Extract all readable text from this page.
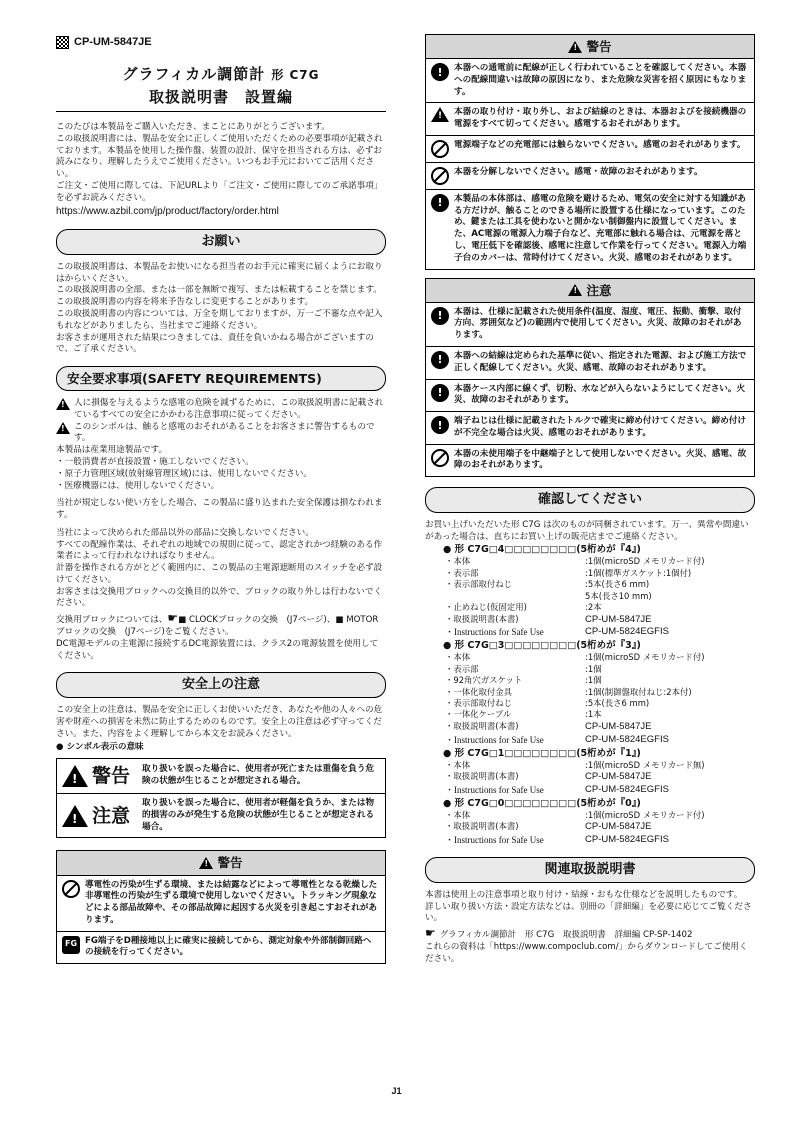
CP-UM-5847JE
グラフィカル調節計 形 C7G
取扱説明書　設置編

このたびは本製品をご購入いただき、まことにありがとうございます。

この取扱説明書には、製品を安全に正しくご使用いただくための必要事項が記載されております。本製品を使用した操作盤、装置の設計、保守を担当される方は、必ずお読みになり、理解したうえでご使用ください。いつもお手元においてご活用ください。

ご注文・ご使用に際しては、下記URLより「ご注文・ご使用に際してのご承諾事項」を必ずお読みください。

https://www.azbil.com/jp/product/factory/order.html

お願い

この取扱説明書は、本製品をお使いになる担当者のお手元に確実に届くようにお取りはからいください。

この取扱説明書の全部、または一部を無断で複写、または転載することを禁じます。この取扱説明書の内容を将来予告なしに変更することがあります。

この取扱説明書の内容については、万全を期しておりますが、万一ご不審な点や記入もれなどがありましたら、当社までご連絡ください。

お客さまが運用された結果につきましては、責任を負いかねる場合がございますので、ご了承ください。

安全要求事項(SAFETY REQUIREMENTS)
!

人に損傷を与えるような感電の危険を減ずるために、この取扱説明書に記載されているすべての安全にかかわる注意事項に従ってください。

!

このシンボルは、触ると感電のおそれがあることをお客さまに警告するものです。

本製品は産業用途製品です。

・一般消費者が直接設置・施工しないでください。

・原子力管理区域(放射線管理区域)には、使用しないでください。

・医療機器には、使用しないでください。

当社が規定しない使い方をした場合、この製品に盛り込まれた安全保護は損なわれます。

当社によって決められた部品以外の部品に交換しないでください。

すべての配線作業は、それぞれの地域での規則に従って、認定されかつ経験のある作業者によって行われなければなりません。

計器を操作される方がとどく範囲内に、この製品の主電源遮断用のスイッチを必ず設けてください。

お客さまは交換用ブロックへの交換目的以外で、ブロックの取り外しは行わないでください。

交換用ブロックについては、☛■ CLOCKブロックの交換　(J7ページ)、■ MOTORブロックの交換　(J7ページ)をご覧ください。

DC電源モデルの主電源に接続するDC電源装置には、クラス2の電源装置を使用してください。

安全上の注意

この安全上の注意は、製品を安全に正しくお使いいただき、あなたや他の人々への危害や財産への損害を未然に防止するためのものです。安全上の注意は必ず守ってください。また、内容をよく理解してから本文をお読みください。

● シンボル表示の意味

!
警告 取り扱いを誤った場合に、使用者が死亡または重傷を負う危険の状態が生じることが想定される場合。

!
注意

取り扱いを誤った場合に、使用者が軽傷を負うか、または物的損害のみが発生する危険の状態が生じることが想定される場合。

!
警告

導電性の汚染が生ずる環境、または結露などによって導電性となる乾燥した非導電性の汚染が生ずる環境で使用しないでください。トラッキング現象などによる部品故障や、その部品故障に起因する火災を引き起こすおそれがあります。

FG FG端子をD種接地以上に確実に接続してから、測定対象や外部制御回路への接続を行ってください。

!
警告
!	本器への通電前に配線が正しく行われていることを確認してください。本器への配線間違いは故障の原因になり、また危険な災害を招く原因にもなります。

!

本器の取り付け・取り外し、および結線のときは、本器およびを接続機器の電源をすべて切ってください。感電するおそれがあります。

電源端子などの充電部には触らないでください。感電のおそれがあります。

本器を分解しないでください。感電・故障のおそれがあります。

!	本製品の本体部は、感電の危険を避けるため、電気の安全に対する知識がある方だけが、触ることのできる場所に設置する仕様になっています。このため、鍵または工具を使わないと開かない制御盤内に設置してください。また、AC電源の電源入力端子台など、充電部に触れる場合は、元電源を落とし、電圧低下を確認後、感電に注意して作業を行ってください。電源入力端子台のカバーは、常時付けてください。火災、感電のおそれがあります。

!
注意
!	本器は、仕様に記載された使用条件(温度、湿度、電圧、振動、衝撃、取付方向、雰囲気など)の範囲内で使用してください。火災、故障のおそれがあります。

!	本器への結線は定められた基準に従い、指定された電源、および施工方法で正しく配線してください。火災、感電、故障のおそれがあります。

!	本器ケース内部に線くず、切粉、水などが入らないようにしてください。火災、故障のおそれがあります。

!	端子ねじは仕様に記載されたトルクで確実に締め付けてください。締め付けが不完全な場合は火災、感電のおそれがあります。

本器の未使用端子を中継端子として使用しないでください。火災、感電、故障のおそれがあります。

確認してください

お買い上げいただいた形 C7G は次のものが同梱されています。万一、異常や間違いがあった場合は、直ちにお買い上げの販売店までご連絡ください。

● 形 C7G□4□□□□□□□□(5桁めが『4』)

・本体	:1個(microSD メモリカード付)
・表示部	:1個(標準ガスケット:1個付)
・表示部取付ねじ	:5本(長さ6 mm)
5本(長さ10 mm)
・止めねじ(仮固定用)	:2本
・取扱説明書(本書)	CP-UM-5847JE
・Instructions for Safe Use	CP-UM-5824EGFIS

● 形 C7G□3□□□□□□□□(5桁めが『3』)

・本体	:1個(microSD メモリカード付)
・表示部	:1個
・92角穴ガスケット	:1個
・一体化取付金具	:1個(制御盤取付ねじ:2本付)
・表示部取付ねじ	:5本(長さ6 mm)
・一体化ケーブル	:1本
・取扱説明書(本書)	CP-UM-5847JE
・Instructions for Safe Use	CP-UM-5824EGFIS

● 形 C7G□1□□□□□□□□(5桁めが『1』)

・本体	:1個(microSD メモリカード無)
・取扱説明書(本書)	CP-UM-5847JE
・Instructions for Safe Use	CP-UM-5824EGFIS

● 形 C7G□0□□□□□□□□(5桁めが『0』)

・本体	:1個(microSD メモリカード付)
・取扱説明書(本書)	CP-UM-5847JE
・Instructions for Safe Use	CP-UM-5824EGFIS
関連取扱説明書

本書は使用上の注意事項と取り付け・結線・おもな仕様などを説明したものです。

詳しい取り扱い方法・設定方法などは、別冊の「詳細編」を必要に応じてご覧ください。

☛ グラフィカル調節計　形 C7G　取扱説明書　詳細編 CP-SP-1402

これらの資料は「https://www.compoclub.com/」からダウンロードしてご使用ください。

J1
